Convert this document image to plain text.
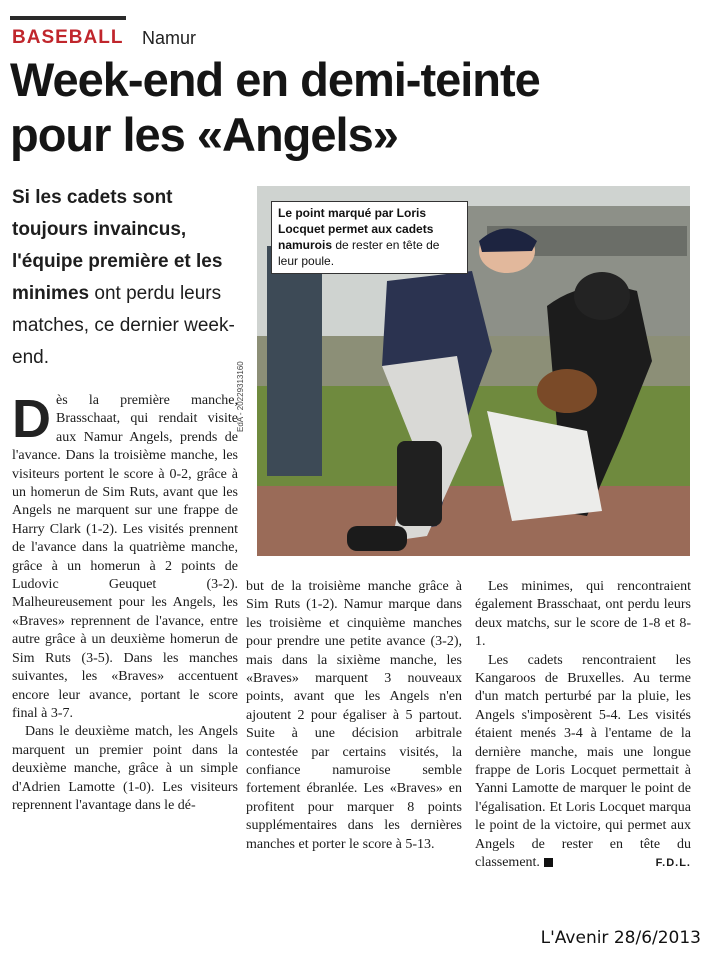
BASEBALL Namur
Week-end en demi-teinte
pour les «Angels»

Si les cadets sont toujours invaincus, l'équipe première et les minimes ont perdu leurs matches, ce dernier week-end.

Le point marqué par Loris Locquet permet aux cadets namurois de rester en tête de leur poule.
EdA - 20229313160

Dès la première manche, Brasschaat, qui rendait visite aux Namur Angels, prends de l'avance. Dans la troisième manche, les visiteurs portent le score à 0-2, grâce à un homerun de Sim Ruts, avant que les Angels ne marquent sur une frappe de Harry Clark (1-2). Les visités prennent de l'avance dans la quatrième manche, grâce à un homerun à 2 points de Ludovic Geuquet (3-2). Malheureusement pour les Angels, les «Braves» reprennent de l'avance, entre autre grâce à un deuxième homerun de Sim Ruts (3-5). Dans les manches suivantes, les «Braves» accentuent encore leur avance, portant le score final à 3-7.

Dans le deuxième match, les Angels marquent un premier point dans la deuxième manche, grâce à un simple d'Adrien Lamotte (1-0). Les visiteurs reprennent l'avantage dans le dé-

but de la troisième manche grâce à Sim Ruts (1-2). Namur marque dans les troisième et cinquième manches pour prendre une petite avance (3-2), mais dans la sixième manche, les «Braves» marquent 3 nouveaux points, avant que les Angels n'en ajoutent 2 pour égaliser à 5 partout. Suite à une décision arbitrale contestée par certains visités, la confiance namuroise semble fortement ébranlée. Les «Braves» en profitent pour marquer 8 points supplémentaires dans les dernières manches et porter le score à 5-13.

Les minimes, qui rencontraient également Brasschaat, ont perdu leurs deux matchs, sur le score de 1-8 et 8-1.

Les cadets rencontraient les Kangaroos de Bruxelles. Au terme d'un match perturbé par la pluie, les Angels s'imposèrent 5-4. Les visités étaient menés 3-4 à l'entame de la dernière manche, mais une longue frappe de Loris Locquet permettait à Yanni Lamotte de marquer le point de l'égalisation. Et Loris Locquet marqua le point de la victoire, qui permet aux Angels de rester en tête du classement.	F.D.L.

L'Avenir 28/6/2013
